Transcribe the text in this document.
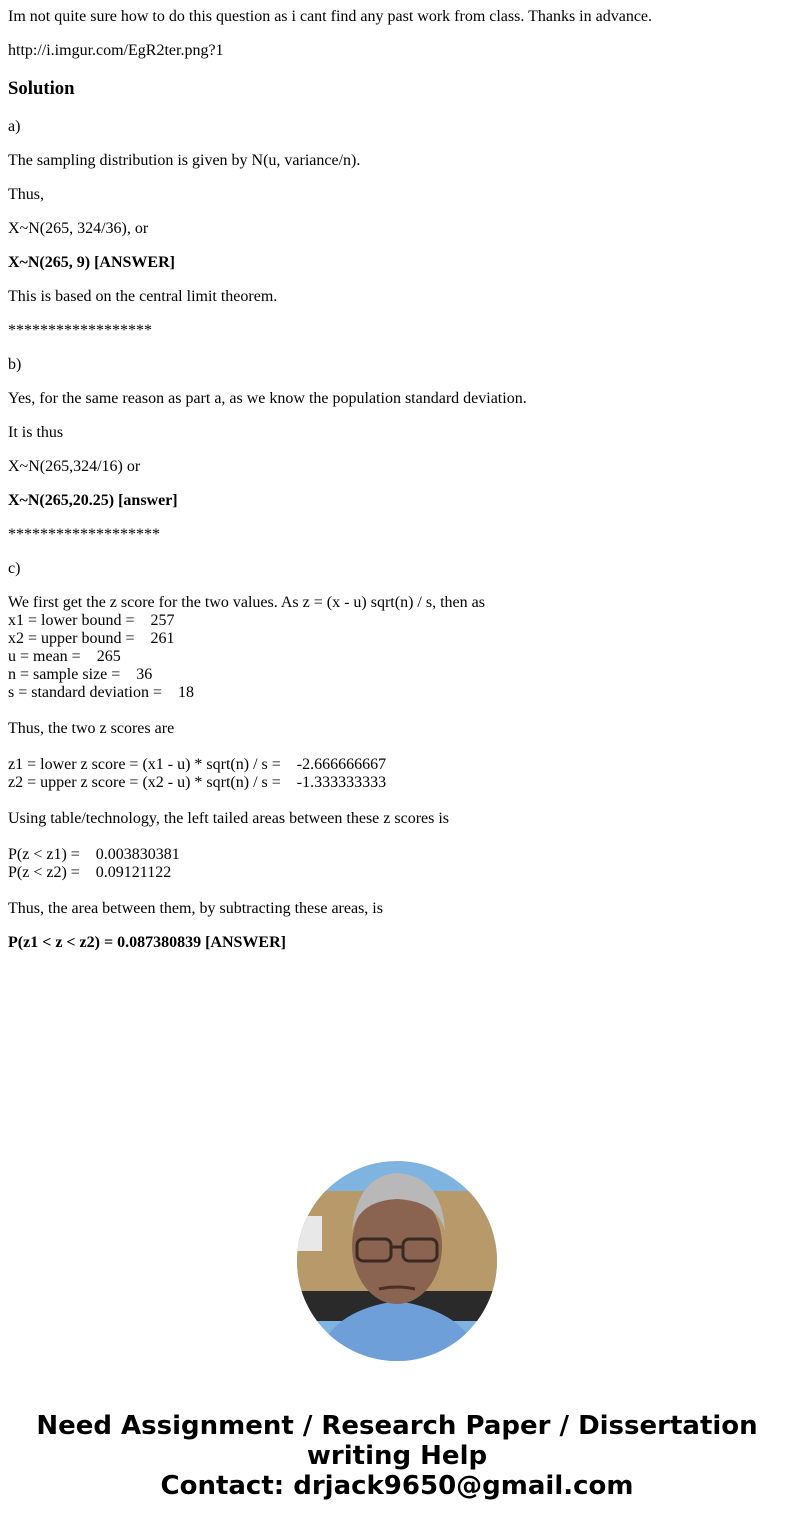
Im not quite sure how to do this question as i cant find any past work from class. Thanks in advance.

http://i.imgur.com/EgR2ter.png?1

Solution

a)

The sampling distribution is given by N(u, variance/n).

Thus,

X~N(265, 324/36), or

X~N(265, 9) [ANSWER]

This is based on the central limit theorem.

******************

b)

Yes, for the same reason as part a, as we know the population standard deviation.

It is thus

X~N(265,324/16) or

X~N(265,20.25) [answer]

*******************

c)

We first get the z score for the two values. As z = (x - u) sqrt(n) / s, then as
x1 = lower bound =    257
x2 = upper bound =    261
u = mean =    265
n = sample size =    36
s = standard deviation =    18
Thus, the two z scores are
z1 = lower z score = (x1 - u) * sqrt(n) / s =    -2.666666667
z2 = upper z score = (x2 - u) * sqrt(n) / s =    -1.333333333
Using table/technology, the left tailed areas between these z scores is
P(z < z1) =    0.003830381
P(z < z2) =    0.09121122
Thus, the area between them, by subtracting these areas, is

P(z1 < z < z2) = 0.087380839 [ANSWER]

Need Assignment / Research Paper / Dissertation
writing Help
Contact: drjack9650@gmail.com
